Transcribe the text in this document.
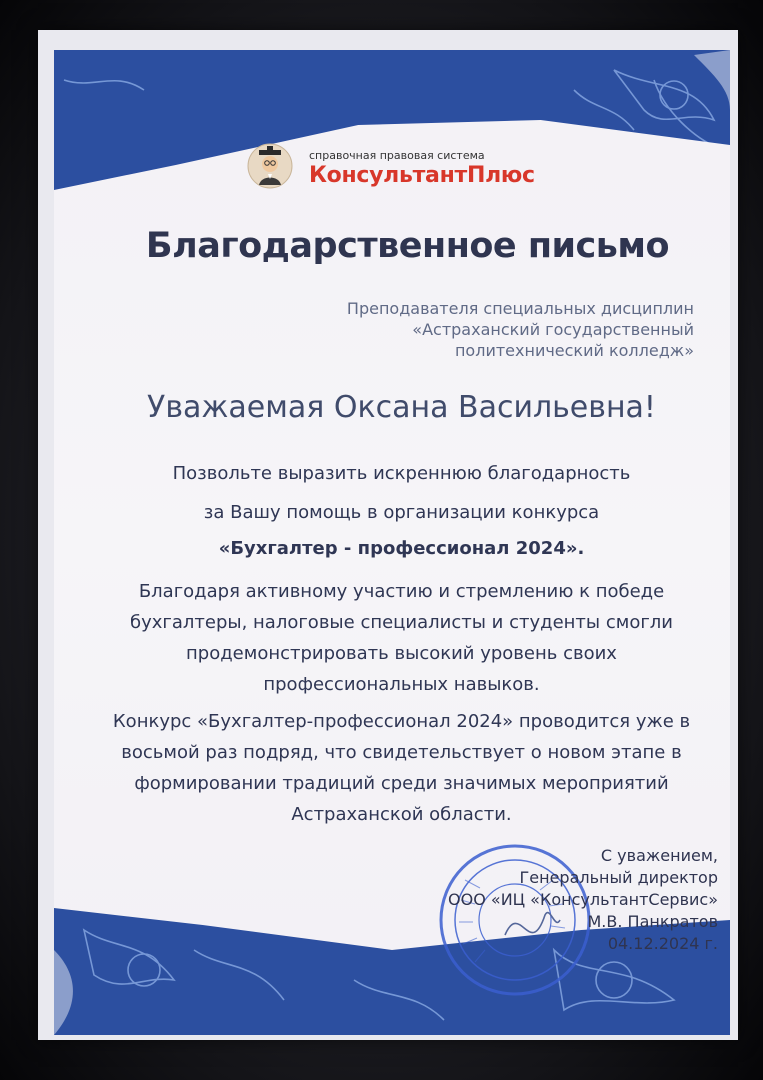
справочная правовая система
КонсультантПлюс
Благодарственное письмо
Преподавателя специальных дисциплин
«Астраханский государственный
политехнический колледж»
Уважаемая Оксана Васильевна!
Позвольте выразить искреннюю благодарность
за Вашу помощь в организации конкурса
«Бухгалтер - профессионал 2024».
Благодаря активному участию и стремлению к победе
бухгалтеры, налоговые специалисты и студенты смогли
продемонстрировать высокий уровень своих
профессиональных навыков.
Конкурс «Бухгалтер-профессионал 2024» проводится уже в
восьмой раз подряд, что свидетельствует о новом этапе в
формировании традиций среди значимых мероприятий
Астраханской области.
С уважением,
Генеральный директор
ООО «ИЦ «КонсультантСервис»
М.В. Панкратов
04.12.2024 г.
